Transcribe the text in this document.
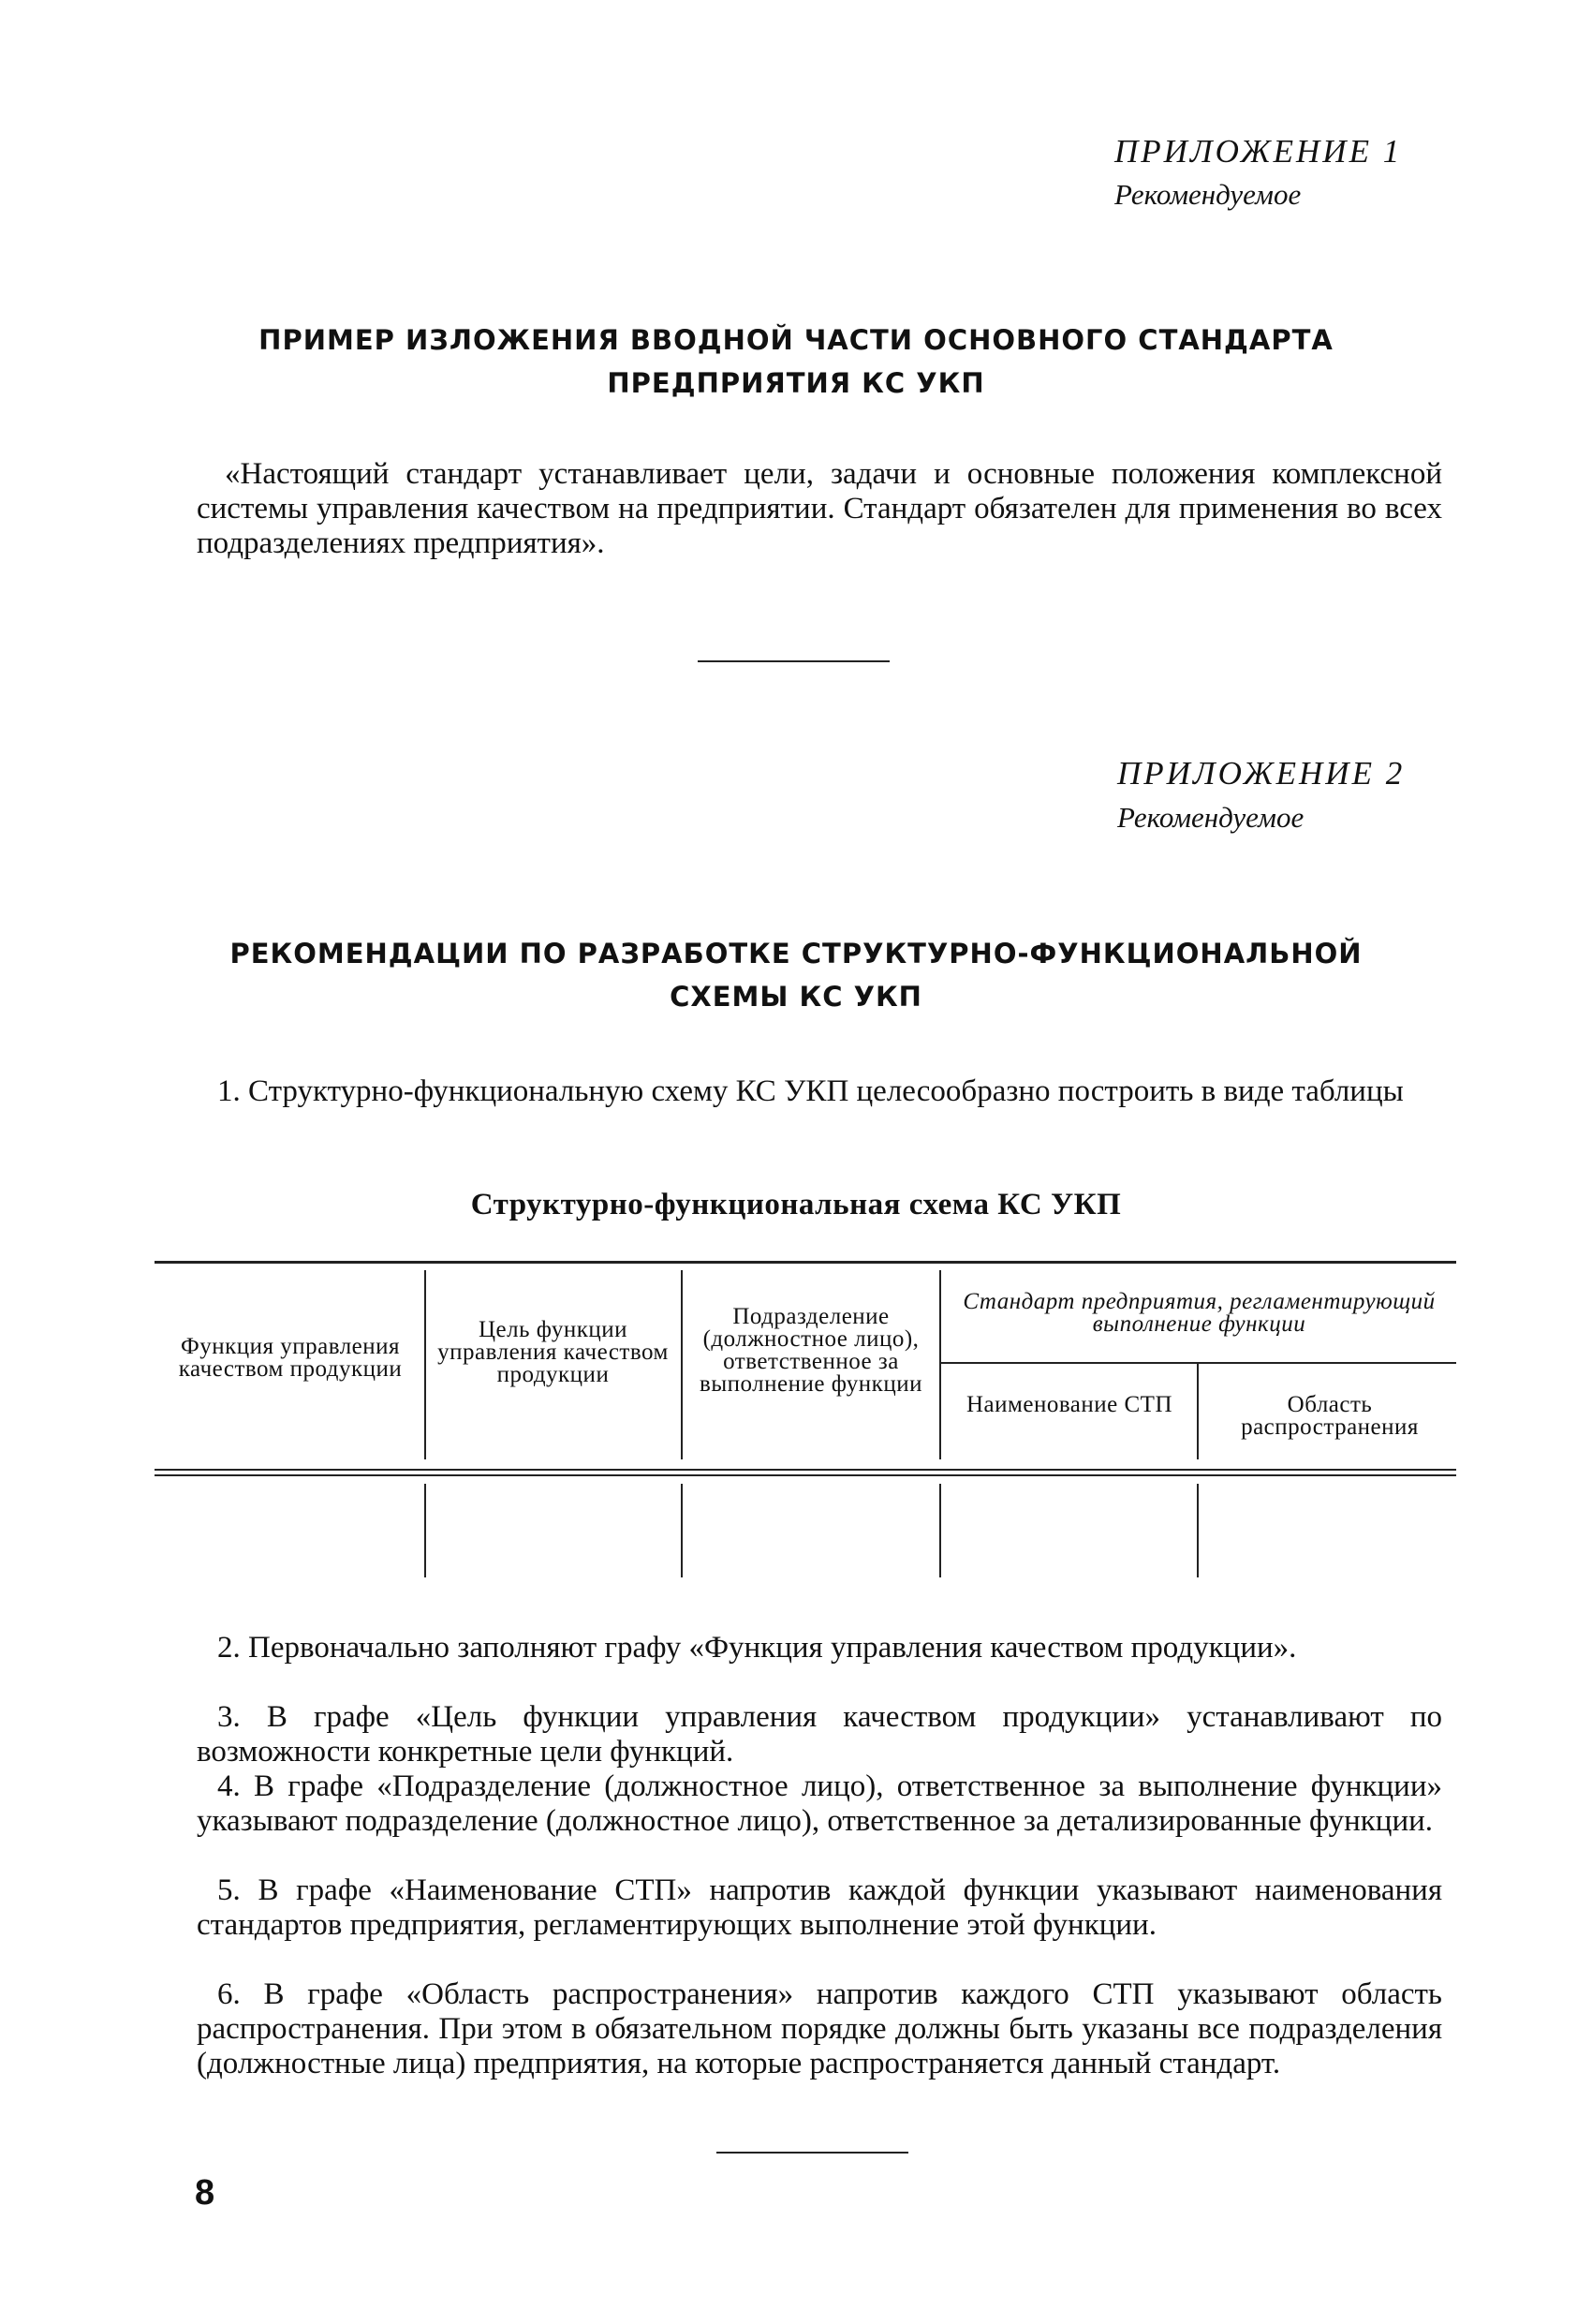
ПРИЛОЖЕНИЕ 1
Рекомендуемое
ПРИМЕР ИЗЛОЖЕНИЯ ВВОДНОЙ ЧАСТИ ОСНОВНОГО СТАНДАРТА
ПРЕДПРИЯТИЯ КС УКП
«Настоящий стандарт устанавливает цели, задачи и основные положения комплексной системы управления качеством на предприятии. Стандарт обязателен для применения во всех подразделениях предприятия».
ПРИЛОЖЕНИЕ 2
Рекомендуемое
РЕКОМЕНДАЦИИ ПО РАЗРАБОТКЕ СТРУКТУРНО-ФУНКЦИОНАЛЬНОЙ
СХЕМЫ КС УКП
1. Структурно-функциональную схему КС УКП целесообразно построить в виде таблицы
Структурно-функциональная схема КС УКП
Функция управления качеством продукции
Цель функции управления качеством продукции
Подразделение (должностное лицо), ответственное за выполнение функции
Стандарт предприятия, регламентирующий выполнение функции
Наименование СТП	Область распространения
2. Первоначально заполняют графу «Функция управления качеством продукции».
3. В графе «Цель функции управления качеством продукции» устанавливают по возможности конкретные цели функций.
4. В графе «Подразделение (должностное лицо), ответственное за выполнение функции» указывают подразделение (должностное лицо), ответственное за детализированные функции.
5. В графе «Наименование СТП» напротив каждой функции указывают наименования стандартов предприятия, регламентирующих выполнение этой функции.
6. В графе «Область распространения» напротив каждого СТП указывают область распространения. При этом в обязательном порядке должны быть указаны все подразделения (должностные лица) предприятия, на которые распространяется данный стандарт.
8
